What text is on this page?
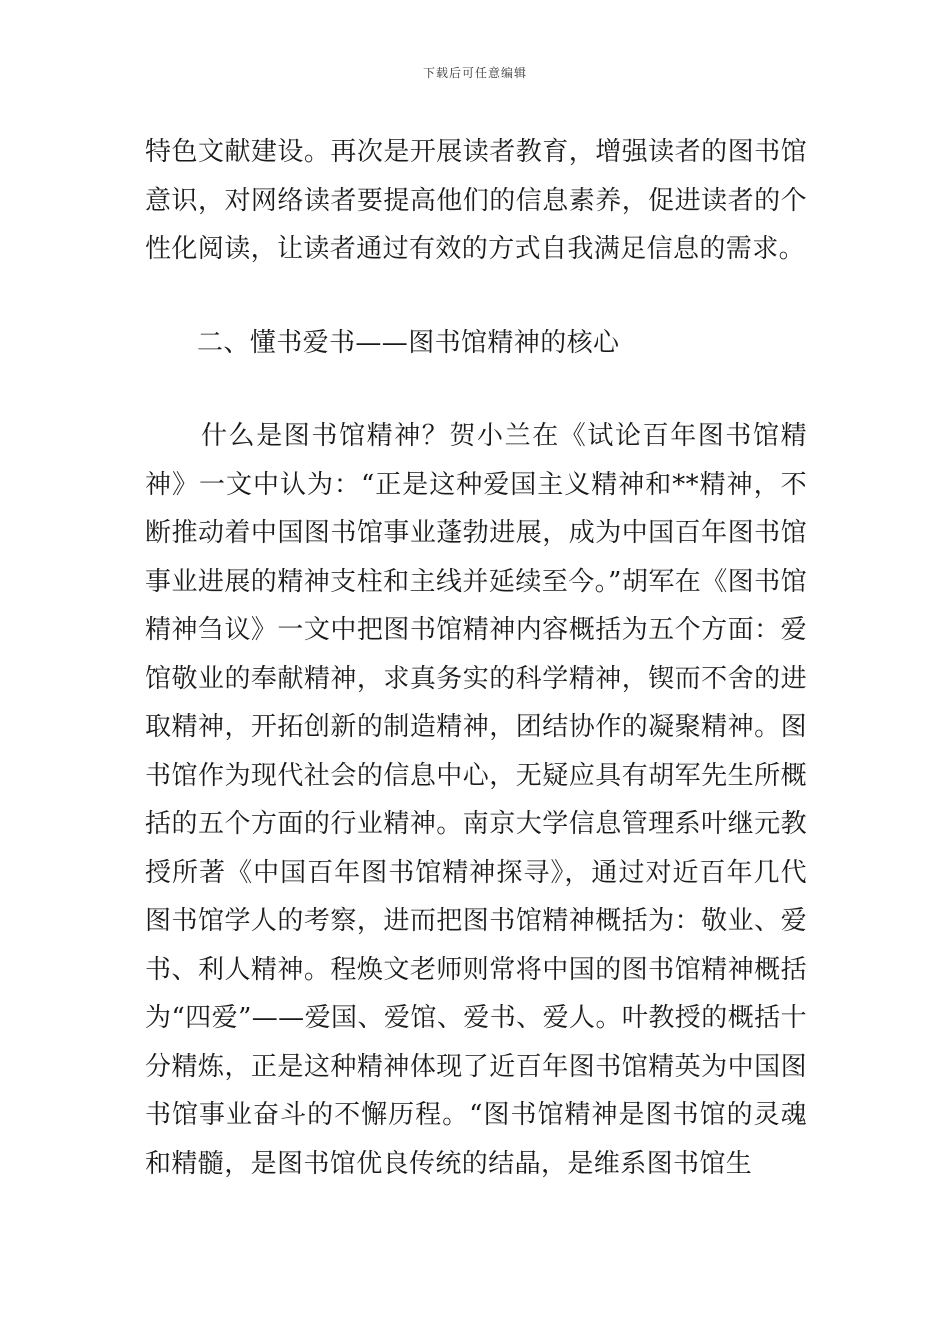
下载后可任意编辑

特色文献建设。再次是开展读者教育，增强读者的图书馆意识，对网络读者要提高他们的信息素养，促进读者的个性化阅读，让读者通过有效的方式自我满足信息的需求。

二、懂书爱书——图书馆精神的核心

什么是图书馆精神？贺小兰在《试论百年图书馆精神》一文中认为：“正是这种爱国主义精神和**精神，不断推动着中国图书馆事业蓬勃进展，成为中国百年图书馆事业进展的精神支柱和主线并延续至今。”胡军在《图书馆精神刍议》一文中把图书馆精神内容概括为五个方面：爱馆敬业的奉献精神，求真务实的科学精神，锲而不舍的进取精神，开拓创新的制造精神，团结协作的凝聚精神。图书馆作为现代社会的信息中心，无疑应具有胡军先生所概括的五个方面的行业精神。南京大学信息管理系叶继元教授所著《中国百年图书馆精神探寻》，通过对近百年几代图书馆学人的考察，进而把图书馆精神概括为：敬业、爱书、利人精神。程焕文老师则常将中国的图书馆精神概括为“四爱”——爱国、爱馆、爱书、爱人。叶教授的概括十分精炼，正是这种精神体现了近百年图书馆精英为中国图书馆事业奋斗的不懈历程。“图书馆精神是图书馆的灵魂和精髓，是图书馆优良传统的结晶，是维系图书馆生
